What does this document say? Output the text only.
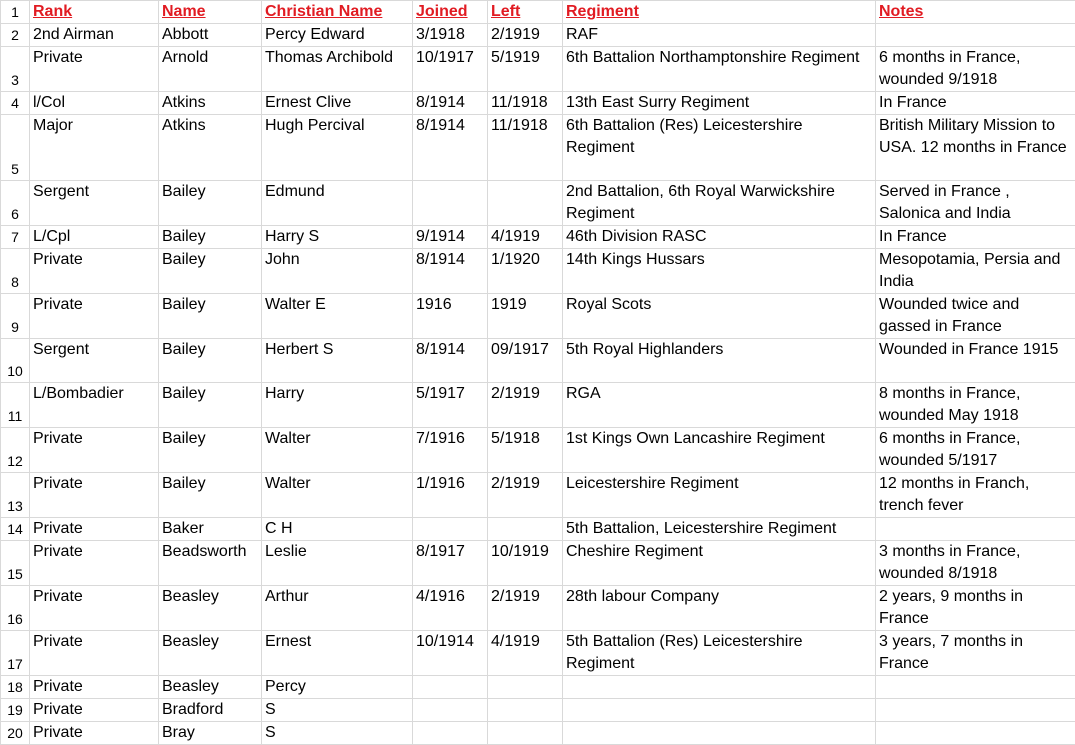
1	Rank	Name	Christian Name	Joined	Left	Regiment	Notes
2	2nd Airman	Abbott	Percy Edward	3/1918	2/1919	RAF	
3	Private	Arnold	Thomas Archibold	10/1917	5/1919	6th Battalion Northamptonshire Regiment	6 months in France, wounded 9/1918
4	l/Col	Atkins	Ernest Clive	8/1914	11/1918	13th East Surry Regiment	In France
5	Major	Atkins	Hugh Percival	8/1914	11/1918	6th Battalion (Res) Leicestershire Regiment	British Military Mission to USA. 12 months in France
6	Sergent	Bailey	Edmund			2nd Battalion, 6th Royal Warwickshire Regiment	Served in France , Salonica and India
7	L/Cpl	Bailey	Harry S	9/1914	4/1919	46th Division RASC	In France
8	Private	Bailey	John	8/1914	1/1920	14th Kings Hussars	Mesopotamia, Persia and India
9	Private	Bailey	Walter E	1916	1919	Royal Scots	Wounded twice and gassed in France
10	Sergent	Bailey	Herbert S	8/1914	09/1917	5th Royal Highlanders	Wounded in France 1915
11	L/Bombadier	Bailey	Harry	5/1917	2/1919	RGA	8 months in France, wounded May 1918
12	Private	Bailey	Walter	7/1916	5/1918	1st Kings Own Lancashire Regiment	6 months in France, wounded 5/1917
13	Private	Bailey	Walter	1/1916	2/1919	Leicestershire Regiment	12 months in Franch, trench fever
14	Private	Baker	C H			5th Battalion, Leicestershire Regiment	
15	Private	Beadsworth	Leslie	8/1917	10/1919	Cheshire Regiment	3 months in France, wounded 8/1918
16	Private	Beasley	Arthur	4/1916	2/1919	28th labour Company	2 years, 9 months in France
17	Private	Beasley	Ernest	10/1914	4/1919	5th Battalion (Res) Leicestershire Regiment	3 years, 7 months in France
18	Private	Beasley	Percy				
19	Private	Bradford	S				
20	Private	Bray	S				
